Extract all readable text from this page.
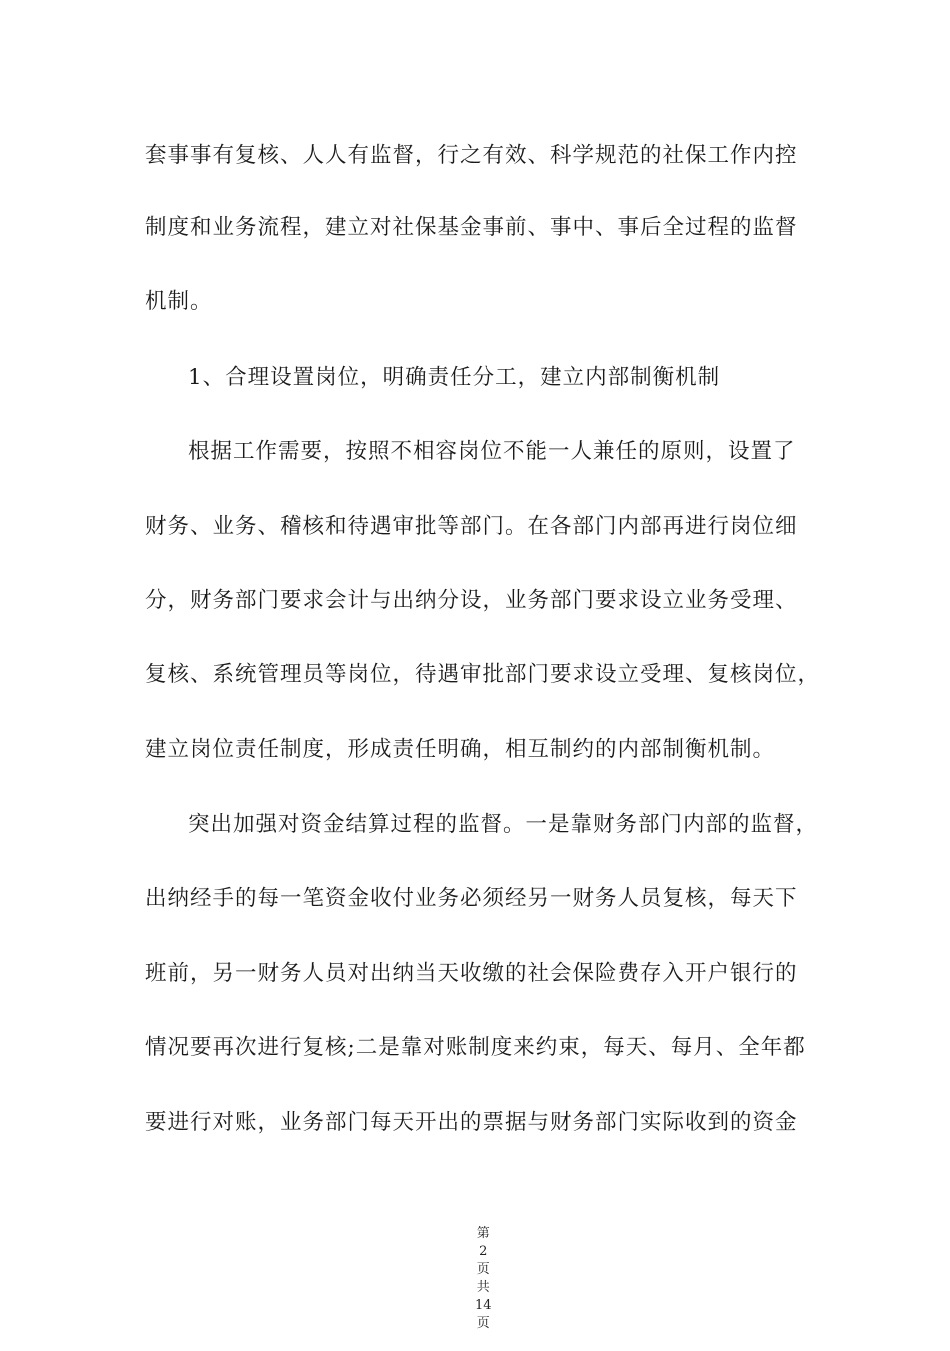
套事事有复核、人人有监督，行之有效、科学规范的社保工作内控
制度和业务流程，建立对社保基金事前、事中、事后全过程的监督
机制。
1、合理设置岗位，明确责任分工，建立内部制衡机制
根据工作需要，按照不相容岗位不能一人兼任的原则，设置了
财务、业务、稽核和待遇审批等部门。在各部门内部再进行岗位细
分，财务部门要求会计与出纳分设，业务部门要求设立业务受理、
复核、系统管理员等岗位，待遇审批部门要求设立受理、复核岗位，
建立岗位责任制度，形成责任明确，相互制约的内部制衡机制。
突出加强对资金结算过程的监督。一是靠财务部门内部的监督，
出纳经手的每一笔资金收付业务必须经另一财务人员复核，每天下
班前，另一财务人员对出纳当天收缴的社会保险费存入开户银行的
情况要再次进行复核;二是靠对账制度来约束，每天、每月、全年都
要进行对账，业务部门每天开出的票据与财务部门实际收到的资金

第
2
页
共
14
页
